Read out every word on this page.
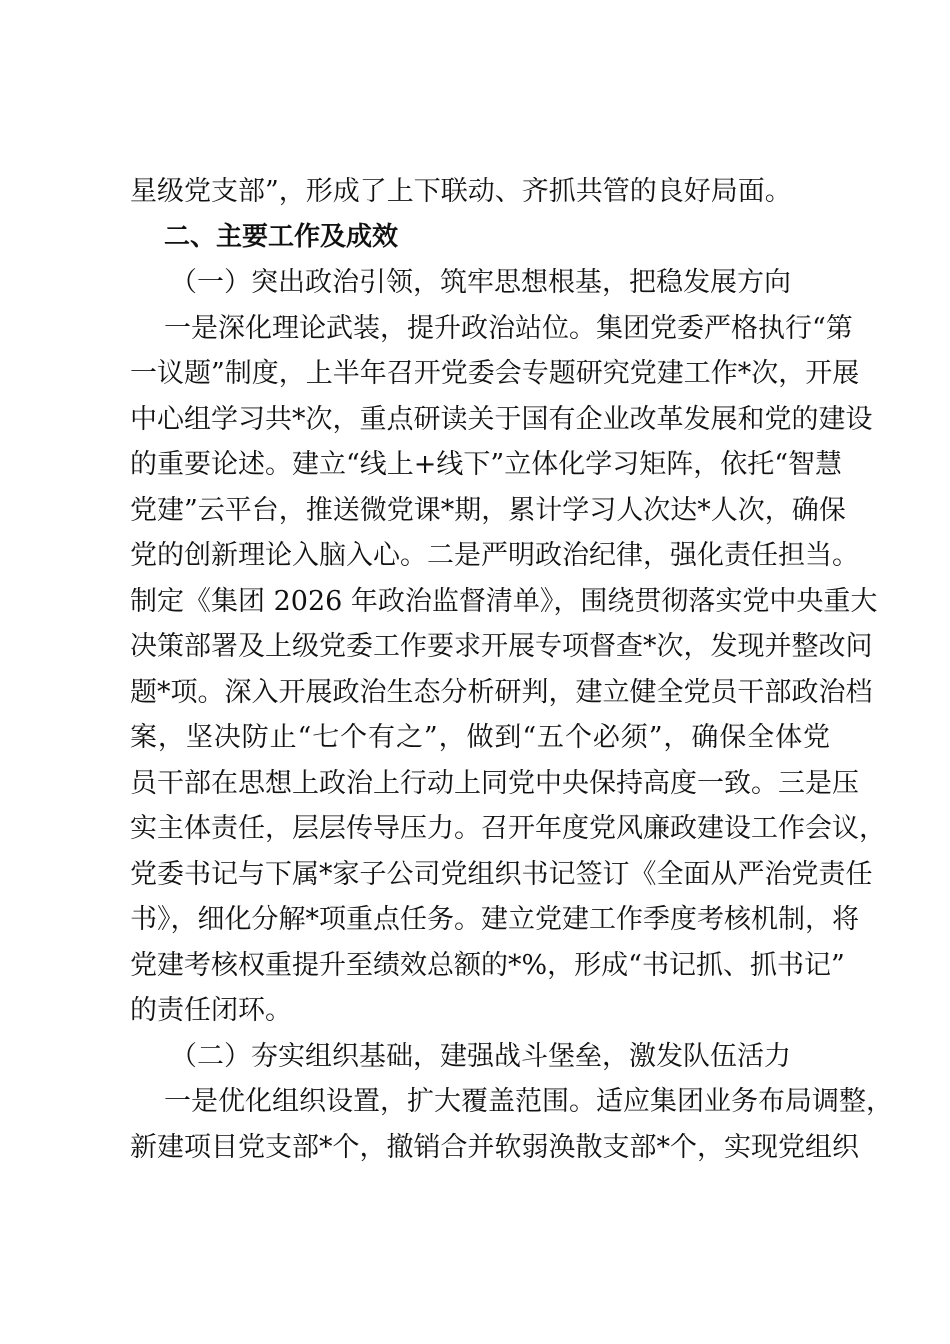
星级党支部”，形成了上下联动、齐抓共管的良好局面。
二、主要工作及成效
（一）突出政治引领，筑牢思想根基，把稳发展方向
一是深化理论武装，提升政治站位。集团党委严格执行“第
一议题”制度，上半年召开党委会专题研究党建工作*次，开展
中心组学习共*次，重点研读关于国有企业改革发展和党的建设
的重要论述。建立“线上+线下”立体化学习矩阵，依托“智慧
党建”云平台，推送微党课*期，累计学习人次达*人次，确保
党的创新理论入脑入心。二是严明政治纪律，强化责任担当。
制定《集团 2026 年政治监督清单》，围绕贯彻落实党中央重大
决策部署及上级党委工作要求开展专项督查*次，发现并整改问
题*项。深入开展政治生态分析研判，建立健全党员干部政治档
案，坚决防止“七个有之”，做到“五个必须”，确保全体党
员干部在思想上政治上行动上同党中央保持高度一致。三是压
实主体责任，层层传导压力。召开年度党风廉政建设工作会议，
党委书记与下属*家子公司党组织书记签订《全面从严治党责任
书》，细化分解*项重点任务。建立党建工作季度考核机制，将
党建考核权重提升至绩效总额的*%，形成“书记抓、抓书记”
的责任闭环。
（二）夯实组织基础，建强战斗堡垒，激发队伍活力
一是优化组织设置，扩大覆盖范围。适应集团业务布局调整，
新建项目党支部*个，撤销合并软弱涣散支部*个，实现党组织
